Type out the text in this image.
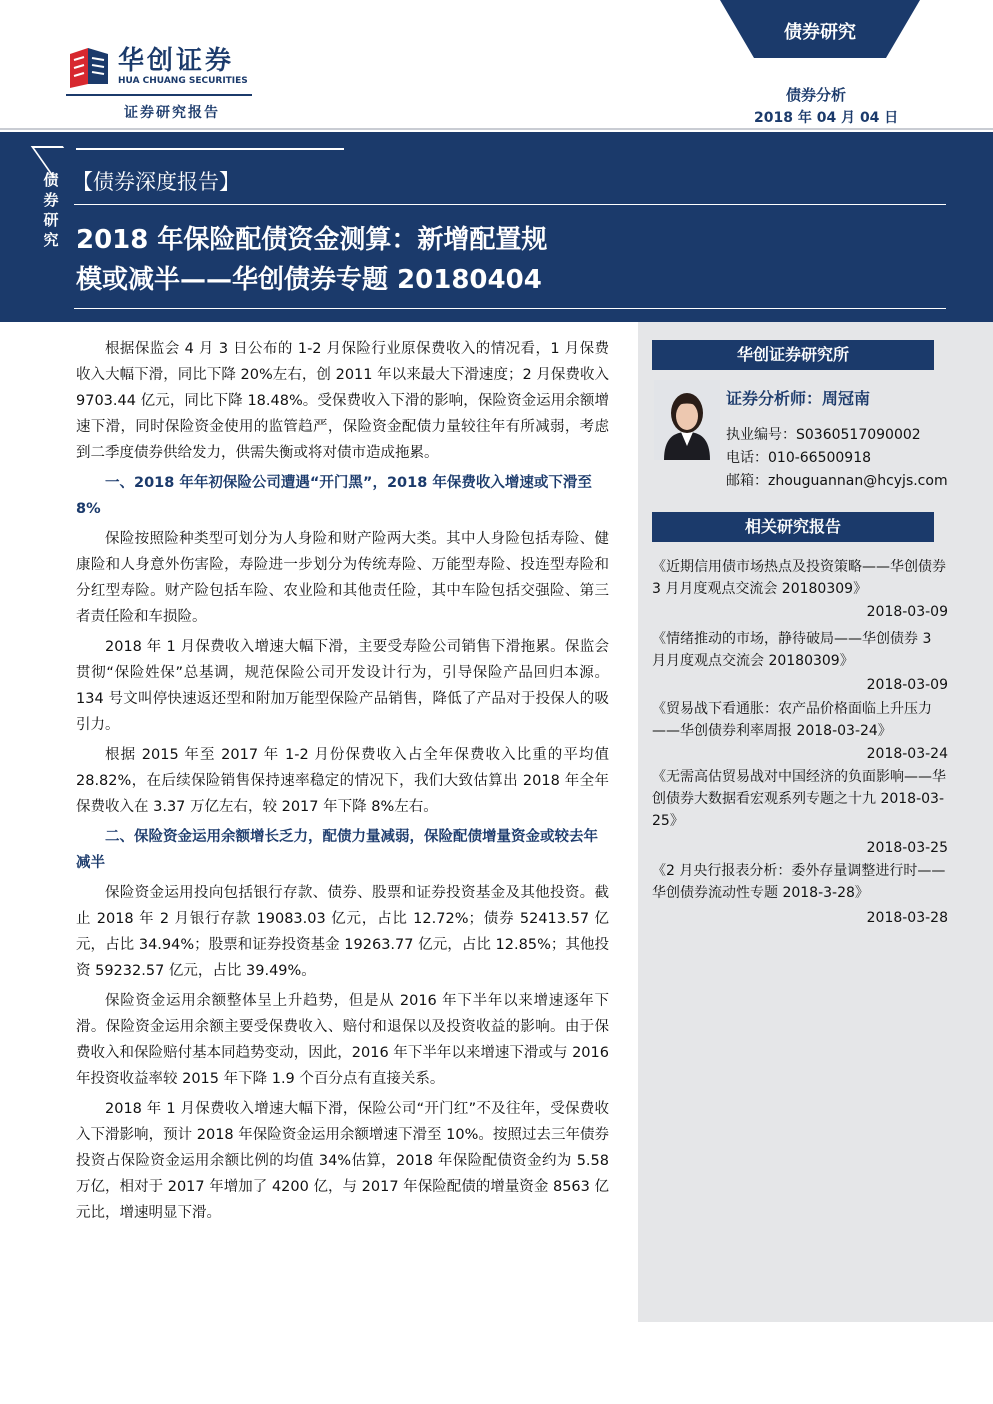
华创证券
HUA CHUANG SECURITIES
证券研究报告
债券研究
债券分析
2018 年 04 月 04 日
债
券
研
究
【债券深度报告】
2018 年保险配债资金测算：新增配置规
模或减半——华创债券专题 20180404
华创证券研究所
证券分析师：周冠南
执业编号：S0360517090002
电话：010-66500918
邮箱：zhouguannan@hcyjs.com
相关研究报告
《近期信用债市场热点及投资策略——华创债券 3 月月度观点交流会 20180309》
2018-03-09
《情绪推动的市场，静待破局——华创债券 3 月月度观点交流会 20180309》
2018-03-09
《贸易战下看通胀：农产品价格面临上升压力——华创债券利率周报 2018-03-24》
2018-03-24
《无需高估贸易战对中国经济的负面影响——华创债券大数据看宏观系列专题之十九 2018-03-25》
2018-03-25
《2 月央行报表分析：委外存量调整进行时——华创债券流动性专题 2018-3-28》
2018-03-28

根据保监会 4 月 3 日公布的 1-2 月保险行业原保费收入的情况看，1 月保费收入大幅下滑，同比下降 20%左右，创 2011 年以来最大下滑速度；2 月保费收入 9703.44 亿元，同比下降 18.48%。受保费收入下滑的影响，保险资金运用余额增速下滑，同时保险资金使用的监管趋严，保险资金配债力量较往年有所减弱，考虑到二季度债券供给发力，供需失衡或将对债市造成拖累。

一、2018 年年初保险公司遭遇“开门黑”，2018 年保费收入增速或下滑至 8%

保险按照险种类型可划分为人身险和财产险两大类。其中人身险包括寿险、健康险和人身意外伤害险，寿险进一步划分为传统寿险、万能型寿险、投连型寿险和分红型寿险。财产险包括车险、农业险和其他责任险，其中车险包括交强险、第三者责任险和车损险。

2018 年 1 月保费收入增速大幅下滑，主要受寿险公司销售下滑拖累。保监会贯彻“保险姓保”总基调，规范保险公司开发设计行为，引导保险产品回归本源。134 号文叫停快速返还型和附加万能型保险产品销售，降低了产品对于投保人的吸引力。

根据 2015 年至 2017 年 1-2 月份保费收入占全年保费收入比重的平均值 28.82%，在后续保险销售保持速率稳定的情况下，我们大致估算出 2018 年全年保费收入在 3.37 万亿左右，较 2017 年下降 8%左右。

二、保险资金运用余额增长乏力，配债力量减弱，保险配债增量资金或较去年减半

保险资金运用投向包括银行存款、债券、股票和证券投资基金及其他投资。截止 2018 年 2 月银行存款 19083.03 亿元，占比 12.72%；债券 52413.57 亿元，占比 34.94%；股票和证券投资基金 19263.77 亿元，占比 12.85%；其他投资 59232.57 亿元，占比 39.49%。

保险资金运用余额整体呈上升趋势，但是从 2016 年下半年以来增速逐年下滑。保险资金运用余额主要受保费收入、赔付和退保以及投资收益的影响。由于保费收入和保险赔付基本同趋势变动，因此，2016 年下半年以来增速下滑或与 2016 年投资收益率较 2015 年下降 1.9 个百分点有直接关系。

2018 年 1 月保费收入增速大幅下滑，保险公司“开门红”不及往年，受保费收入下滑影响，预计 2018 年保险资金运用余额增速下滑至 10%。按照过去三年债券投资占保险资金运用余额比例的均值 34%估算，2018 年保险配债资金约为 5.58 万亿，相对于 2017 年增加了 4200 亿，与 2017 年保险配债的增量资金 8563 亿元比，增速明显下滑。
